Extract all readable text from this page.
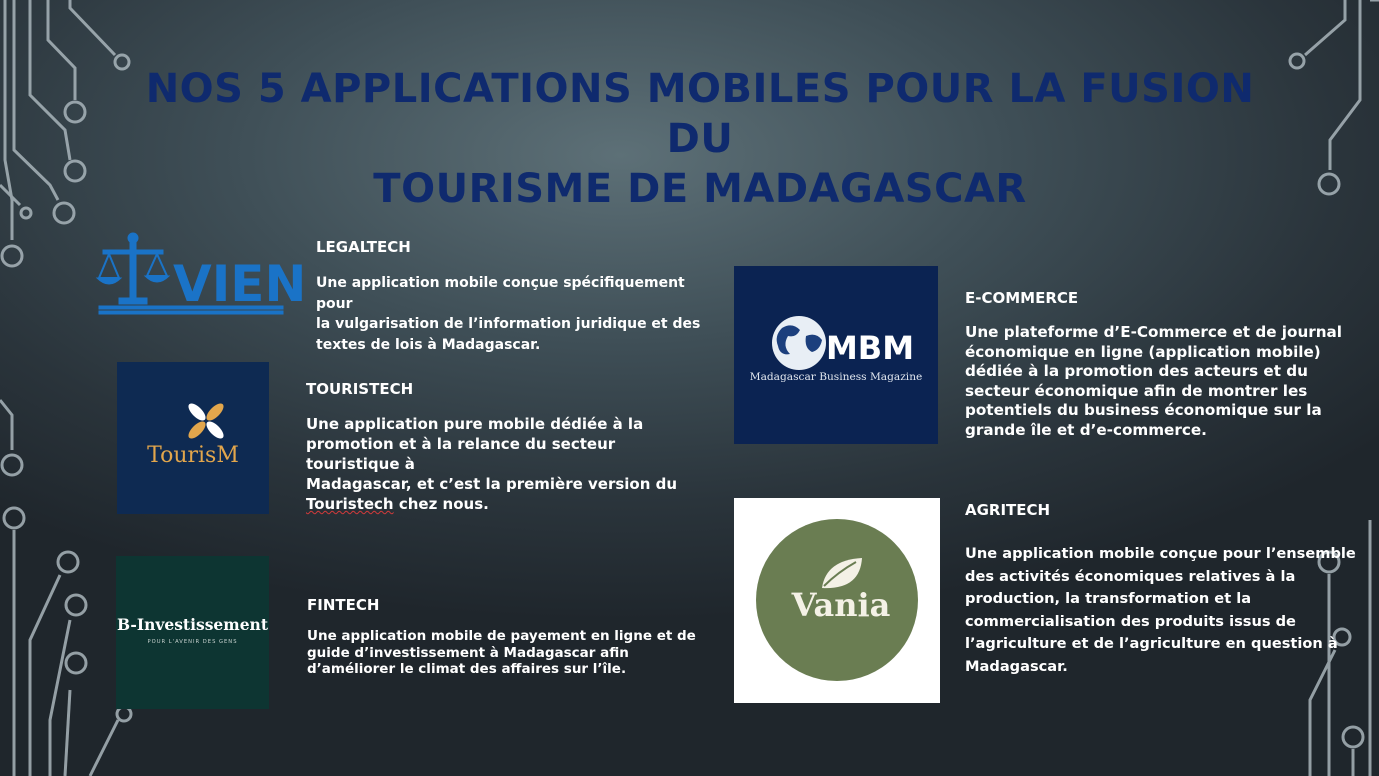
NOS 5 APPLICATIONS MOBILES POUR LA FUSION DU
TOURISME DE MADAGASCAR
VIEN
LEGALTECH
Une application mobile conçue spécifiquement pour
la vulgarisation de l’information juridique et des
textes de lois à Madagascar.
TourisM
TOURISTECH
Une application pure mobile dédiée à la
promotion et à la relance du secteur touristique à
Madagascar, et c’est la première version du
Touristech chez nous.
B-Investissement
POUR L'AVENIR DES GENS
FINTECH
Une application mobile de payement en ligne et de
guide d’investissement à Madagascar afin
d’améliorer le climat des affaires sur l’île.
MBM
Madagascar Business Magazine
E-COMMERCE
Une plateforme d’E-Commerce et de journal
économique en ligne (application mobile)
dédiée à la promotion des acteurs et du
secteur économique afin de montrer les
potentiels du business économique sur la
grande île et d’e-commerce.
Vania
AGRITECH
Une application mobile conçue pour l’ensemble
des activités économiques relatives à la
production, la transformation et la
commercialisation des produits issus de
l’agriculture et de l’agriculture en question à
Madagascar.
